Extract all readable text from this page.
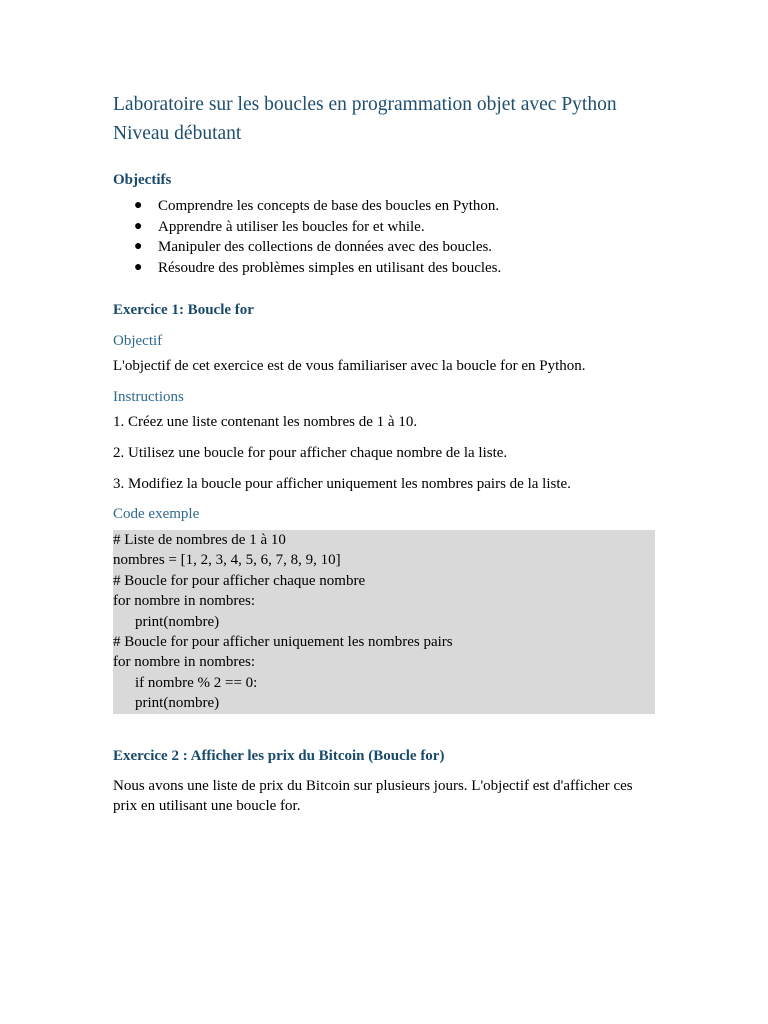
Laboratoire sur les boucles en programmation objet avec Python
Niveau débutant
Objectifs
● Comprendre les concepts de base des boucles en Python.
● Apprendre à utiliser les boucles for et while.
● Manipuler des collections de données avec des boucles.
● Résoudre des problèmes simples en utilisant des boucles.
Exercice 1: Boucle for
Objectif

L'objectif de cet exercice est de vous familiariser avec la boucle for en Python.

Instructions

1. Créez une liste contenant les nombres de 1 à 10.

2. Utilisez une boucle for pour afficher chaque nombre de la liste.

3. Modifiez la boucle pour afficher uniquement les nombres pairs de la liste.

Code exemple
# Liste de nombres de 1 à 10
nombres = [1, 2, 3, 4, 5, 6, 7, 8, 9, 10]
# Boucle for pour afficher chaque nombre
for nombre in nombres:
print(nombre)
# Boucle for pour afficher uniquement les nombres pairs
for nombre in nombres:
if nombre % 2 == 0:
print(nombre)
Exercice 2 : Afficher les prix du Bitcoin (Boucle for)

Nous avons une liste de prix du Bitcoin sur plusieurs jours. L'objectif est d'afficher ces
prix en utilisant une boucle for.
